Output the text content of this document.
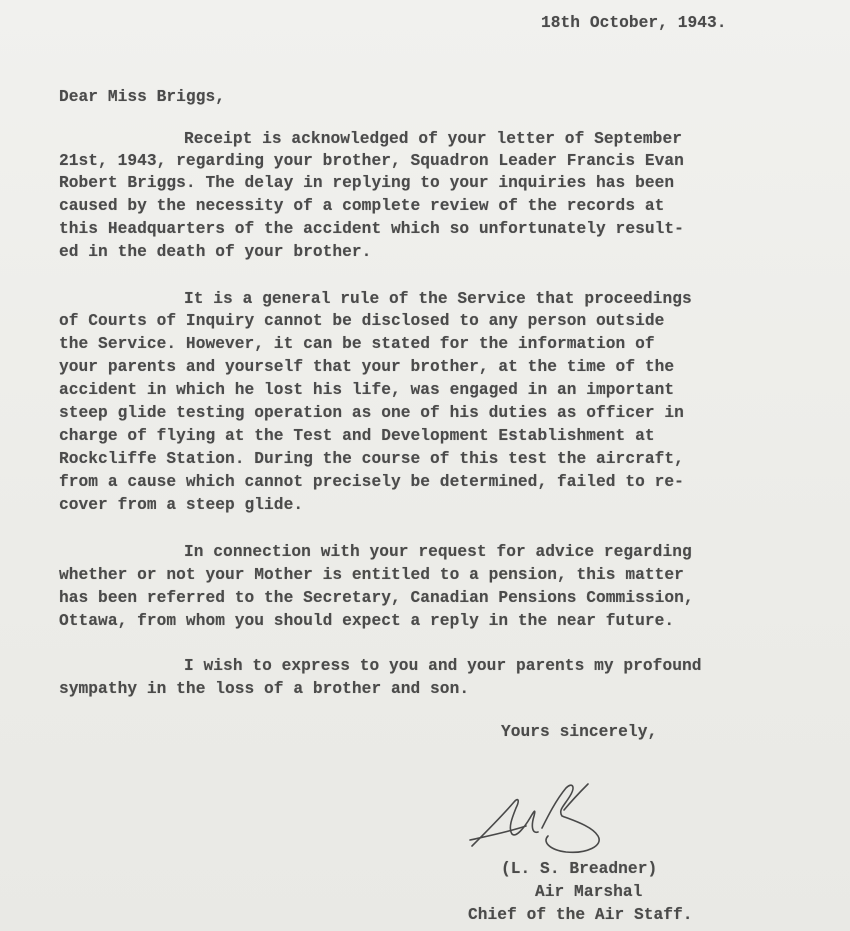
18th October, 1943.
Dear Miss Briggs,
Receipt is acknowledged of your letter of September
21st, 1943, regarding your brother, Squadron Leader Francis Evan
Robert Briggs. The delay in replying to your inquiries has been
caused by the necessity of a complete review of the records at
this Headquarters of the accident which so unfortunately result-
ed in the death of your brother.
It is a general rule of the Service that proceedings
of Courts of Inquiry cannot be disclosed to any person outside
the Service. However, it can be stated for the information of
your parents and yourself that your brother, at the time of the
accident in which he lost his life, was engaged in an important
steep glide testing operation as one of his duties as officer in
charge of flying at the Test and Development Establishment at
Rockcliffe Station. During the course of this test the aircraft,
from a cause which cannot precisely be determined, failed to re-
cover from a steep glide.
In connection with your request for advice regarding
whether or not your Mother is entitled to a pension, this matter
has been referred to the Secretary, Canadian Pensions Commission,
Ottawa, from whom you should expect a reply in the near future.
I wish to express to you and your parents my profound
sympathy in the loss of a brother and son.
Yours sincerely,
(L. S. Breadner)
Air Marshal
Chief of the Air Staff.
